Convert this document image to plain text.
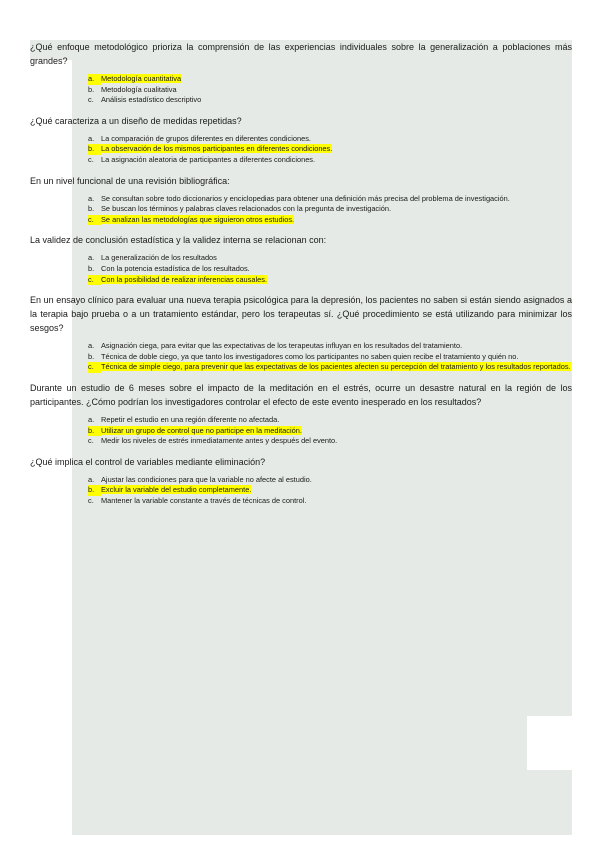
¿Qué enfoque metodológico prioriza la comprensión de las experiencias individuales sobre la generalización a poblaciones más grandes?

a. Metodología cuantitativa
b. Metodología cualitativa
c. Análisis estadístico descriptivo

¿Qué caracteriza a un diseño de medidas repetidas?

a. La comparación de grupos diferentes en diferentes condiciones.
b. La observación de los mismos participantes en diferentes condiciones.
c. La asignación aleatoria de participantes a diferentes condiciones.

En un nivel funcional de una revisión bibliográfica:

a. Se consultan sobre todo diccionarios y enciclopedias para obtener una definición más precisa del problema de investigación.
b. Se buscan los términos y palabras claves relacionados con la pregunta de investigación.
c. Se analizan las metodologías que siguieron otros estudios.

La validez de conclusión estadística y la validez interna se relacionan con:

a. La generalización de los resultados
b. Con la potencia estadística de los resultados.
c. Con la posibilidad de realizar inferencias causales.

En un ensayo clínico para evaluar una nueva terapia psicológica para la depresión, los pacientes no saben si están siendo asignados a la terapia bajo prueba o a un tratamiento estándar, pero los terapeutas sí. ¿Qué procedimiento se está utilizando para minimizar los sesgos?

a. Asignación ciega, para evitar que las expectativas de los terapeutas influyan en los resultados del tratamiento.
b. Técnica de doble ciego, ya que tanto los investigadores como los participantes no saben quien recibe el tratamiento y quién no.
c. Técnica de simple ciego, para prevenir que las expectativas de los pacientes afecten su percepción del tratamiento y los resultados reportados.

Durante un estudio de 6 meses sobre el impacto de la meditación en el estrés, ocurre un desastre natural en la región de los participantes. ¿Cómo podrían los investigadores controlar el efecto de este evento inesperado en los resultados?

a. Repetir el estudio en una región diferente no afectada.
b. Utilizar un grupo de control que no participe en la meditación.
c. Medir los niveles de estrés inmediatamente antes y después del evento.

¿Qué implica el control de variables mediante eliminación?

a. Ajustar las condiciones para que la variable no afecte al estudio.
b. Excluir la variable del estudio completamente.
c. Mantener la variable constante a través de técnicas de control.
